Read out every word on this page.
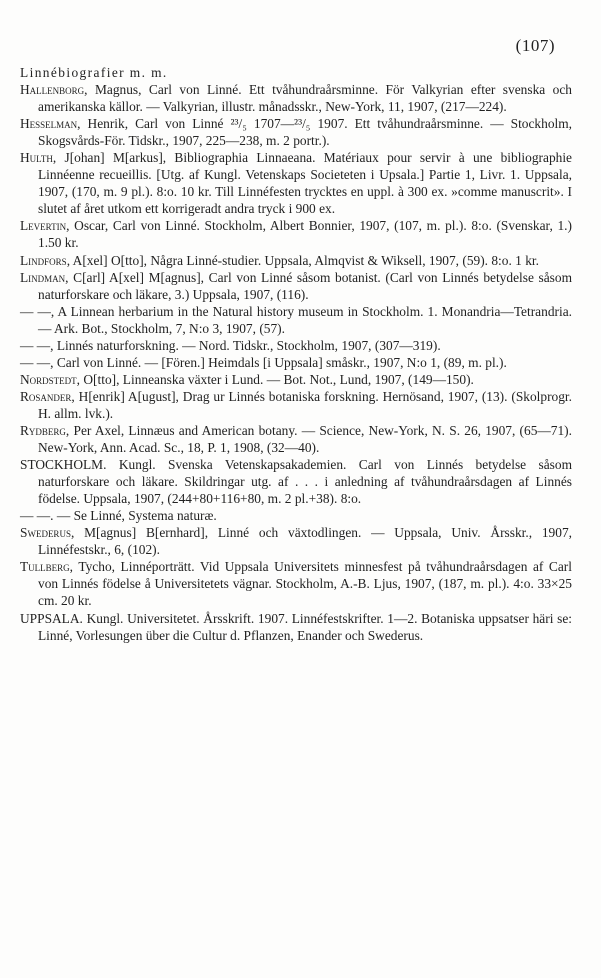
(107)

Linnébiografier m. m.

Hallenborg, Magnus, Carl von Linné. Ett tvåhundraårsminne. För Valkyrian efter svenska och amerikanska källor. — Valkyrian, illustr. månadsskr., New-York, 11, 1907, (217—224).

Hesselman, Henrik, Carl von Linné ²³/₅ 1707—²³/₅ 1907. Ett tvåhundraårsminne. — Stockholm, Skogsvårds-För. Tidskr., 1907, 225—238, m. 2 portr.).

Hulth, J[ohan] M[arkus], Bibliographia Linnaeana. Matériaux pour servir à une bibliographie Linnéenne recueillis. [Utg. af Kungl. Vetenskaps Societeten i Upsala.] Partie 1, Livr. 1. Uppsala, 1907, (170, m. 9 pl.). 8:o. 10 kr. Till Linnéfesten trycktes en uppl. à 300 ex. »comme manuscrit». I slutet af året utkom ett korrigeradt andra tryck i 900 ex.

Levertin, Oscar, Carl von Linné. Stockholm, Albert Bonnier, 1907, (107, m. pl.). 8:o. (Svenskar, 1.) 1.50 kr.

Lindfors, A[xel] O[tto], Några Linné-studier. Uppsala, Almqvist & Wiksell, 1907, (59). 8:o. 1 kr.

Lindman, C[arl] A[xel] M[agnus], Carl von Linné såsom botanist. (Carl von Linnés betydelse såsom naturforskare och läkare, 3.) Uppsala, 1907, (116).

— —, A Linnean herbarium in the Natural history museum in Stockholm. 1. Monandria—Tetrandria. — Ark. Bot., Stockholm, 7, N:o 3, 1907, (57).

— —, Linnés naturforskning. — Nord. Tidskr., Stockholm, 1907, (307—319).

— —, Carl von Linné. — [Fören.] Heimdals [i Uppsala] småskr., 1907, N:o 1, (89, m. pl.).

Nordstedt, O[tto], Linneanska växter i Lund. — Bot. Not., Lund, 1907, (149—150).

Rosander, H[enrik] A[ugust], Drag ur Linnés botaniska forskning. Hernösand, 1907, (13). (Skolprogr. H. allm. lvk.).

Rydberg, Per Axel, Linnæus and American botany. — Science, New-York, N. S. 26, 1907, (65—71). New-York, Ann. Acad. Sc., 18, P. 1, 1908, (32—40).

STOCKHOLM. Kungl. Svenska Vetenskapsakademien. Carl von Linnés betydelse såsom naturforskare och läkare. Skildringar utg. af . . . i anledning af tvåhundraårsdagen af Linnés födelse. Uppsala, 1907, (244+80+116+80, m. 2 pl.+38). 8:o.

— —. — Se Linné, Systema naturæ.

Swederus, M[agnus] B[ernhard], Linné och växtodlingen. — Uppsala, Univ. Årsskr., 1907, Linnéfestskr., 6, (102).

Tullberg, Tycho, Linnéporträtt. Vid Uppsala Universitets minnesfest på tvåhundraårsdagen af Carl von Linnés födelse å Universitetets vägnar. Stockholm, A.-B. Ljus, 1907, (187, m. pl.). 4:o. 33×25 cm. 20 kr.

UPPSALA. Kungl. Universitetet. Årsskrift. 1907. Linnéfestskrifter. 1—2. Botaniska uppsatser häri se: Linné, Vorlesungen über die Cultur d. Pflanzen, Enander och Swederus.
